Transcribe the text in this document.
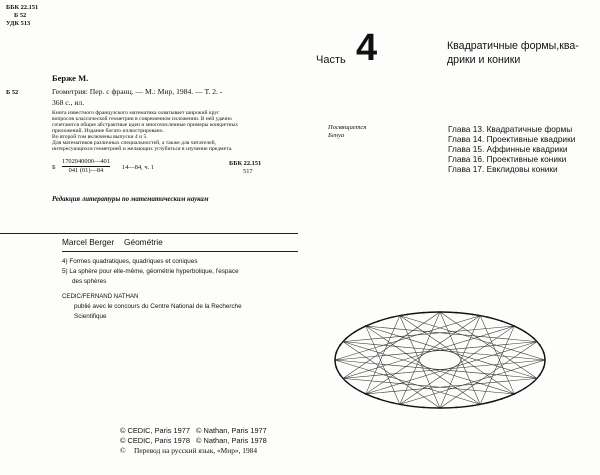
ББК 22.151
Б 52
УДК 513
Берже М.
Б 52	Геометрия: Пер. с франц. — М.: Мир, 1984. — Т. 2. -
368 с., ил.
Книга известного французского математика охватывает широкий круг
вопросов классической геометрии в современном изложении. В ней удачно
сочетаются общие абстрактные идеи и многочисленные примеры конкретных
приложений. Издание богато иллюстрировано.
Во второй том включены выпуски 4 и 5.
Для математиков различных специальностей, а также для читателей,
интересующихся геометрией и желающих углубиться в изучение предмета.
Б $\frac{1702040000—401}{041 (01)—84}$ 14—84, ч. 1
ББК 22.151
517
Редакция литературы по математическим наукам
Marcel Berger Géométrie
4) Formes quadratiques, quadriques et coniques
5) La sphère pour elle-même, géométrie hyperbolique, l'espace
des sphères
CEDIC/FERNAND NATHAN
publié avec le concours du Centre National de la Recherche
Scientifique
© CEDIC, Paris 1977 © Nathan, Paris 1977
© CEDIC, Paris 1978 © Nathan, Paris 1978
© Перевод на русский язык, «Мир», 1984
Часть 4	Квадратичные формы,ква-
дрики и коники
Посвящается
Бенуа
Глава 13. Квадратичные формы
Глава 14. Проективные квадрики
Глава 15. Аффинные квадрики
Глава 16. Проективные коники
Глава 17. Евклидовы коники
